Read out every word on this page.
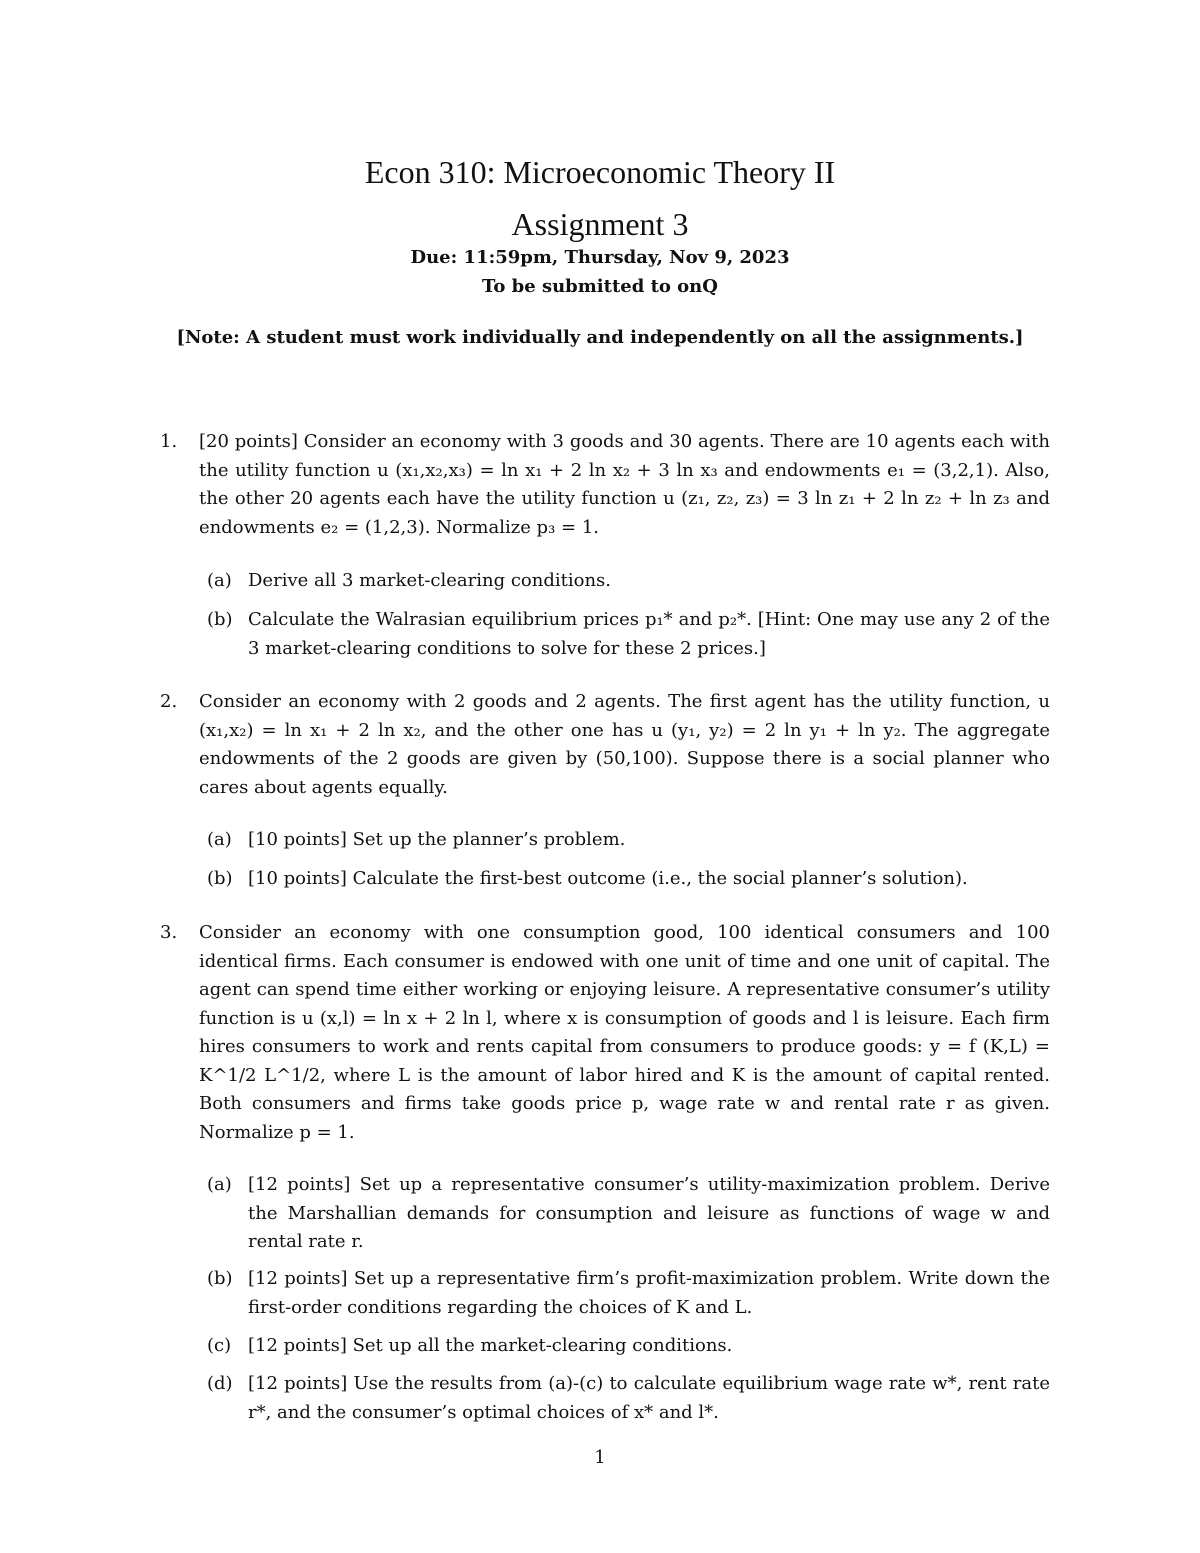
Econ 310: Microeconomic Theory II
Assignment 3
Due: 11:59pm, Thursday, Nov 9, 2023
To be submitted to onQ
[Note: A student must work individually and independently on all the assignments.]
1. [20 points] Consider an economy with 3 goods and 30 agents. There are 10 agents each with the utility function u (x₁,x₂,x₃) = ln x₁ + 2 ln x₂ + 3 ln x₃ and endowments e₁ = (3,2,1). Also, the other 20 agents each have the utility function u (z₁, z₂, z₃) = 3 ln z₁ + 2 ln z₂ + ln z₃ and endowments e₂ = (1,2,3). Normalize p₃ = 1.
(a) Derive all 3 market-clearing conditions.
(b) Calculate the Walrasian equilibrium prices p₁* and p₂*. [Hint: One may use any 2 of the 3 market-clearing conditions to solve for these 2 prices.]
2. Consider an economy with 2 goods and 2 agents. The first agent has the utility function, u (x₁,x₂) = ln x₁ + 2 ln x₂, and the other one has u (y₁, y₂) = 2 ln y₁ + ln y₂. The aggregate endowments of the 2 goods are given by (50,100). Suppose there is a social planner who cares about agents equally.
(a) [10 points] Set up the planner’s problem.
(b) [10 points] Calculate the first-best outcome (i.e., the social planner’s solution).
3. Consider an economy with one consumption good, 100 identical consumers and 100 identical firms. Each consumer is endowed with one unit of time and one unit of capital. The agent can spend time either working or enjoying leisure. A representative consumer’s utility function is u (x,l) = ln x + 2 ln l, where x is consumption of goods and l is leisure. Each firm hires consumers to work and rents capital from consumers to produce goods: y = f (K,L) = K^1/2 L^1/2, where L is the amount of labor hired and K is the amount of capital rented. Both consumers and firms take goods price p, wage rate w and rental rate r as given. Normalize p = 1.
(a) [12 points] Set up a representative consumer’s utility-maximization problem. Derive the Marshallian demands for consumption and leisure as functions of wage w and rental rate r.
(b) [12 points] Set up a representative firm’s profit-maximization problem. Write down the first-order conditions regarding the choices of K and L.
(c) [12 points] Set up all the market-clearing conditions.
(d) [12 points] Use the results from (a)-(c) to calculate equilibrium wage rate w*, rent rate r*, and the consumer’s optimal choices of x* and l*.
1
